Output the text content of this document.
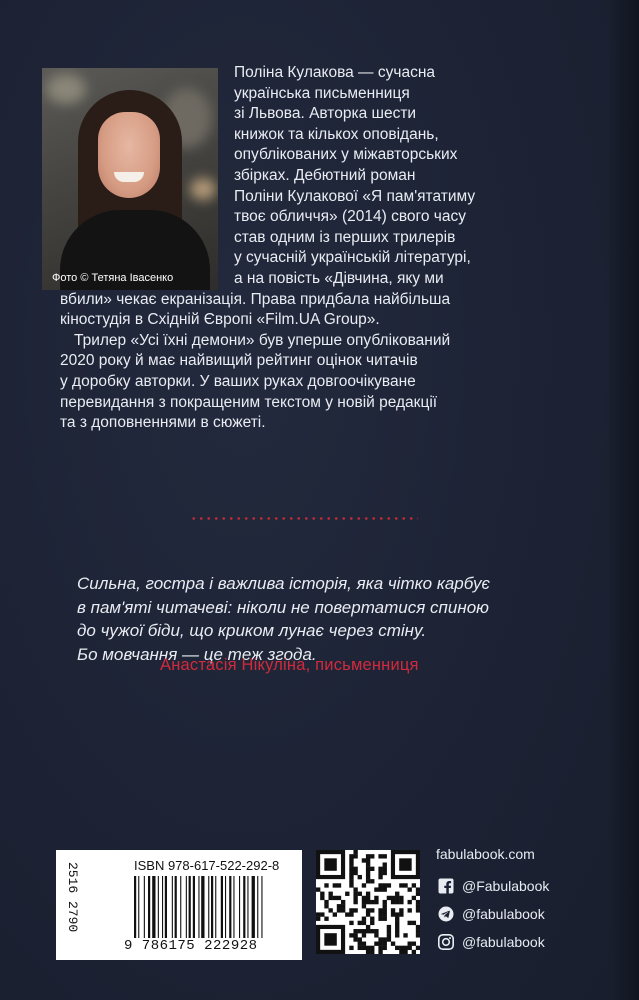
Фото © Тетяна Івасенко
Поліна Кулакова — сучасна
українська письменниця
зі Львова. Авторка шести
книжок та кількох оповідань,
опублікованих у міжавторських
збірках. Дебютний роман
Поліни Кулакової «Я пам'ятатиму
твоє обличчя» (2014) свого часу
став одним із перших трилерів
у сучасній українській літературі,
а на повість «Дівчина, яку ми
вбили» чекає екранізація. Права придбала найбільша
кіностудія в Східній Європі «Film.UA Group».
Трилер «Усі їхні демони» був уперше опублікований
2020 року й має найвищий рейтинг оцінок читачів
у доробку авторки. У ваших руках довгоочікуване
перевидання з покращеним текстом у новій редакції
та з доповненнями в сюжеті.
Сильна, гостра і важлива історія, яка чітко карбує
в пам'яті читачеві: ніколи не повертатися спиною
до чужої біди, що криком лунає через стіну.
Бо мовчання — це теж згода.
Анастасія Нікуліна, письменниця
2516 2790	ISBN 978-617-522-292-8
9 786175 222928
fabulabook.com
@Fabulabook
@fabulabook
@fabulabook
